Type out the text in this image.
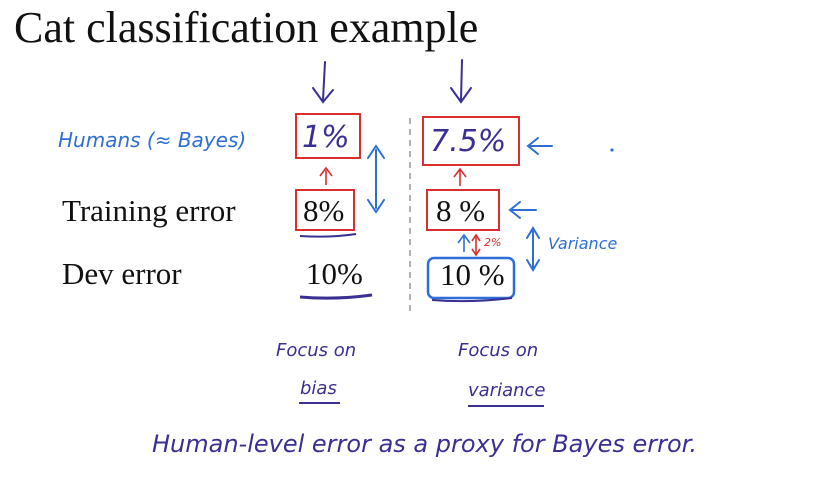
Cat classification example
Humans (≈ Bayes)
Training error
Dev error
1%
8%
10%
7.5%
8 %
10 %
2%	Variance
Focus on
bias
Focus on
variance
Human-level error as a proxy for Bayes error.
